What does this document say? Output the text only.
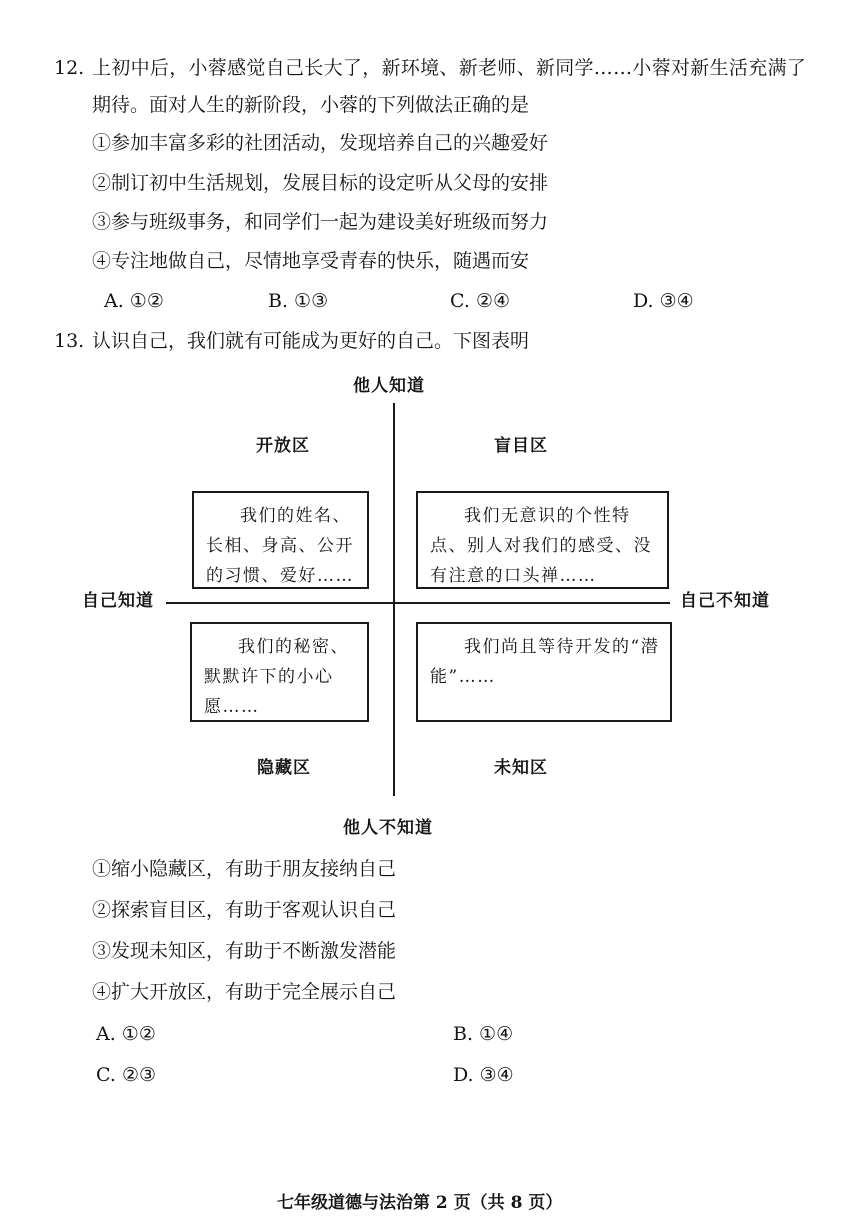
12. 上初中后，小蓉感觉自己长大了，新环境、新老师、新同学……小蓉对新生活充满了
期待。面对人生的新阶段，小蓉的下列做法正确的是
①参加丰富多彩的社团活动，发现培养自己的兴趣爱好
②制订初中生活规划，发展目标的设定听从父母的安排
③参与班级事务，和同学们一起为建设美好班级而努力
④专注地做自己，尽情地享受青春的快乐，随遇而安
A. ①②	B. ①③	C. ②④	D. ③④
13. 认识自己，我们就有可能成为更好的自己。下图表明
他人知道
他人不知道
自己知道	自己不知道
开放区	盲目区
隐藏区	未知区
我们的姓名、长相、身高、公开的习惯、爱好……
我们无意识的个性特点、别人对我们的感受、没有注意的口头禅……
我们的秘密、默默许下的小心愿……
我们尚且等待开发的“潜能”……
①缩小隐藏区，有助于朋友接纳自己
②探索盲目区，有助于客观认识自己
③发现未知区，有助于不断激发潜能
④扩大开放区，有助于完全展示自己
A. ①②	B. ①④
C. ②③	D. ③④
七年级道德与法治第 2 页（共 8 页）
